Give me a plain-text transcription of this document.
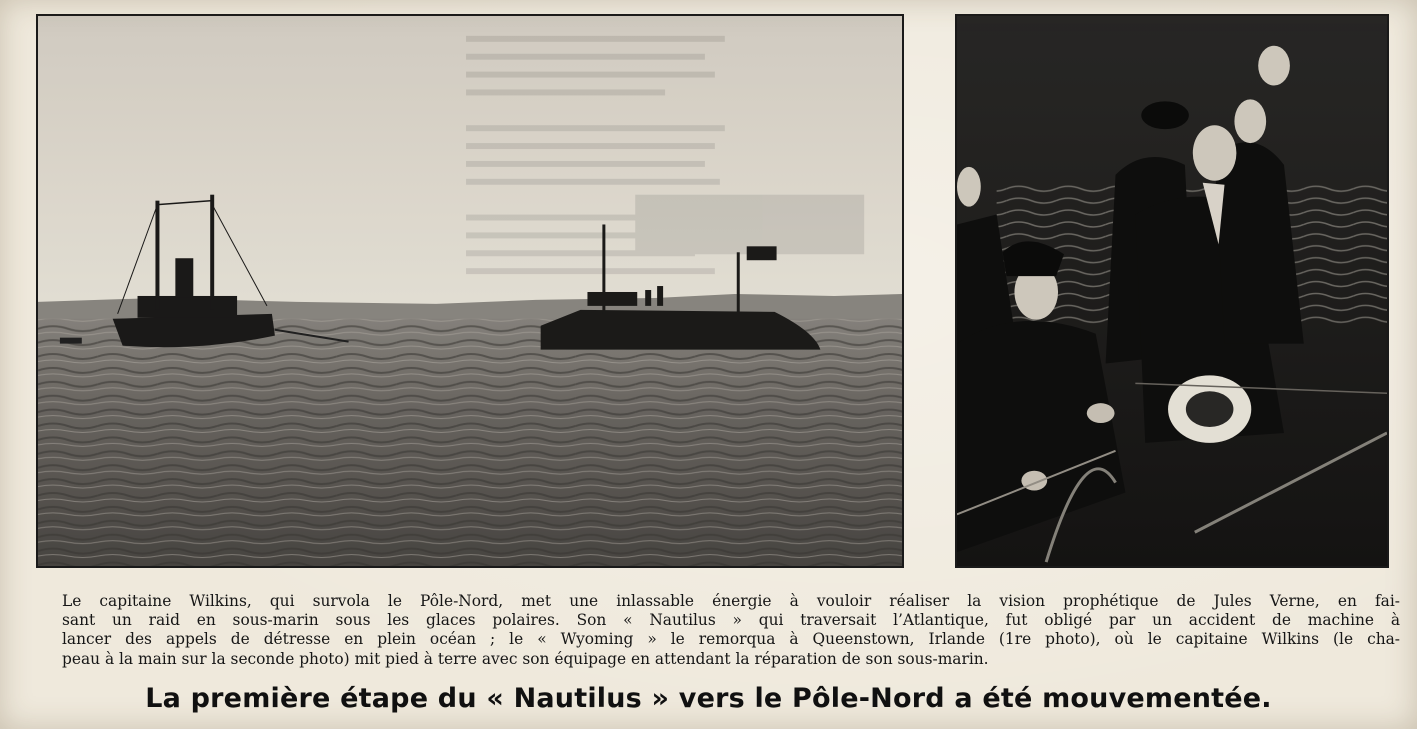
Le capitaine Wilkins, qui survola le Pôle-Nord, met une inlassable énergie à vouloir réaliser la vision prophétique de Jules Verne, en fai-
sant un raid en sous-marin sous les glaces polaires. Son « Nautilus » qui traversait l’Atlantique, fut obligé par un accident de machine à
lancer des appels de détresse en plein océan ; le « Wyoming » le remorqua à Queenstown, Irlande (1re photo), où le capitaine Wilkins (le cha-
peau à la main sur la seconde photo) mit pied à terre avec son équipage en attendant la réparation de son sous-marin.
La première étape du « Nautilus » vers le Pôle-Nord a été mouvementée.
